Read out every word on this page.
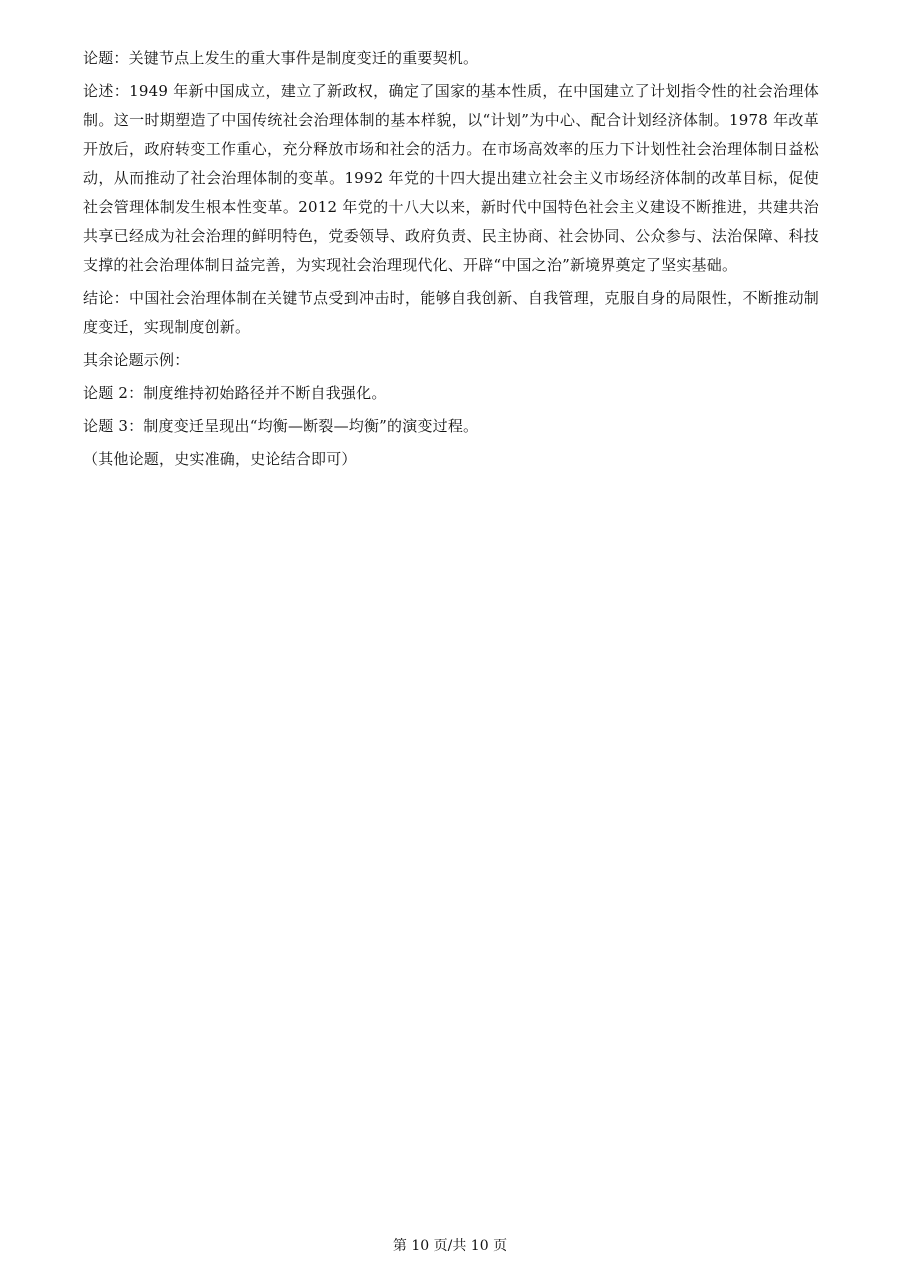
论题：关键节点上发生的重大事件是制度变迁的重要契机。

论述：1949 年新中国成立，建立了新政权，确定了国家的基本性质，在中国建立了计划指令性的社会治理体制。这一时期塑造了中国传统社会治理体制的基本样貌，以“计划”为中心、配合计划经济体制。1978 年改革开放后，政府转变工作重心，充分释放市场和社会的活力。在市场高效率的压力下计划性社会治理体制日益松动，从而推动了社会治理体制的变革。1992 年党的十四大提出建立社会主义市场经济体制的改革目标，促使社会管理体制发生根本性变革。2012 年党的十八大以来，新时代中国特色社会主义建设不断推进，共建共治共享已经成为社会治理的鲜明特色，党委领导、政府负责、民主协商、社会协同、公众参与、法治保障、科技支撑的社会治理体制日益完善，为实现社会治理现代化、开辟“中国之治”新境界奠定了坚实基础。

结论：中国社会治理体制在关键节点受到冲击时，能够自我创新、自我管理，克服自身的局限性，不断推动制度变迁，实现制度创新。

其余论题示例：

论题 2：制度维持初始路径并不断自我强化。

论题 3：制度变迁呈现出“均衡—断裂—均衡”的演变过程。

（其他论题，史实准确，史论结合即可）

第 10 页/共 10 页
